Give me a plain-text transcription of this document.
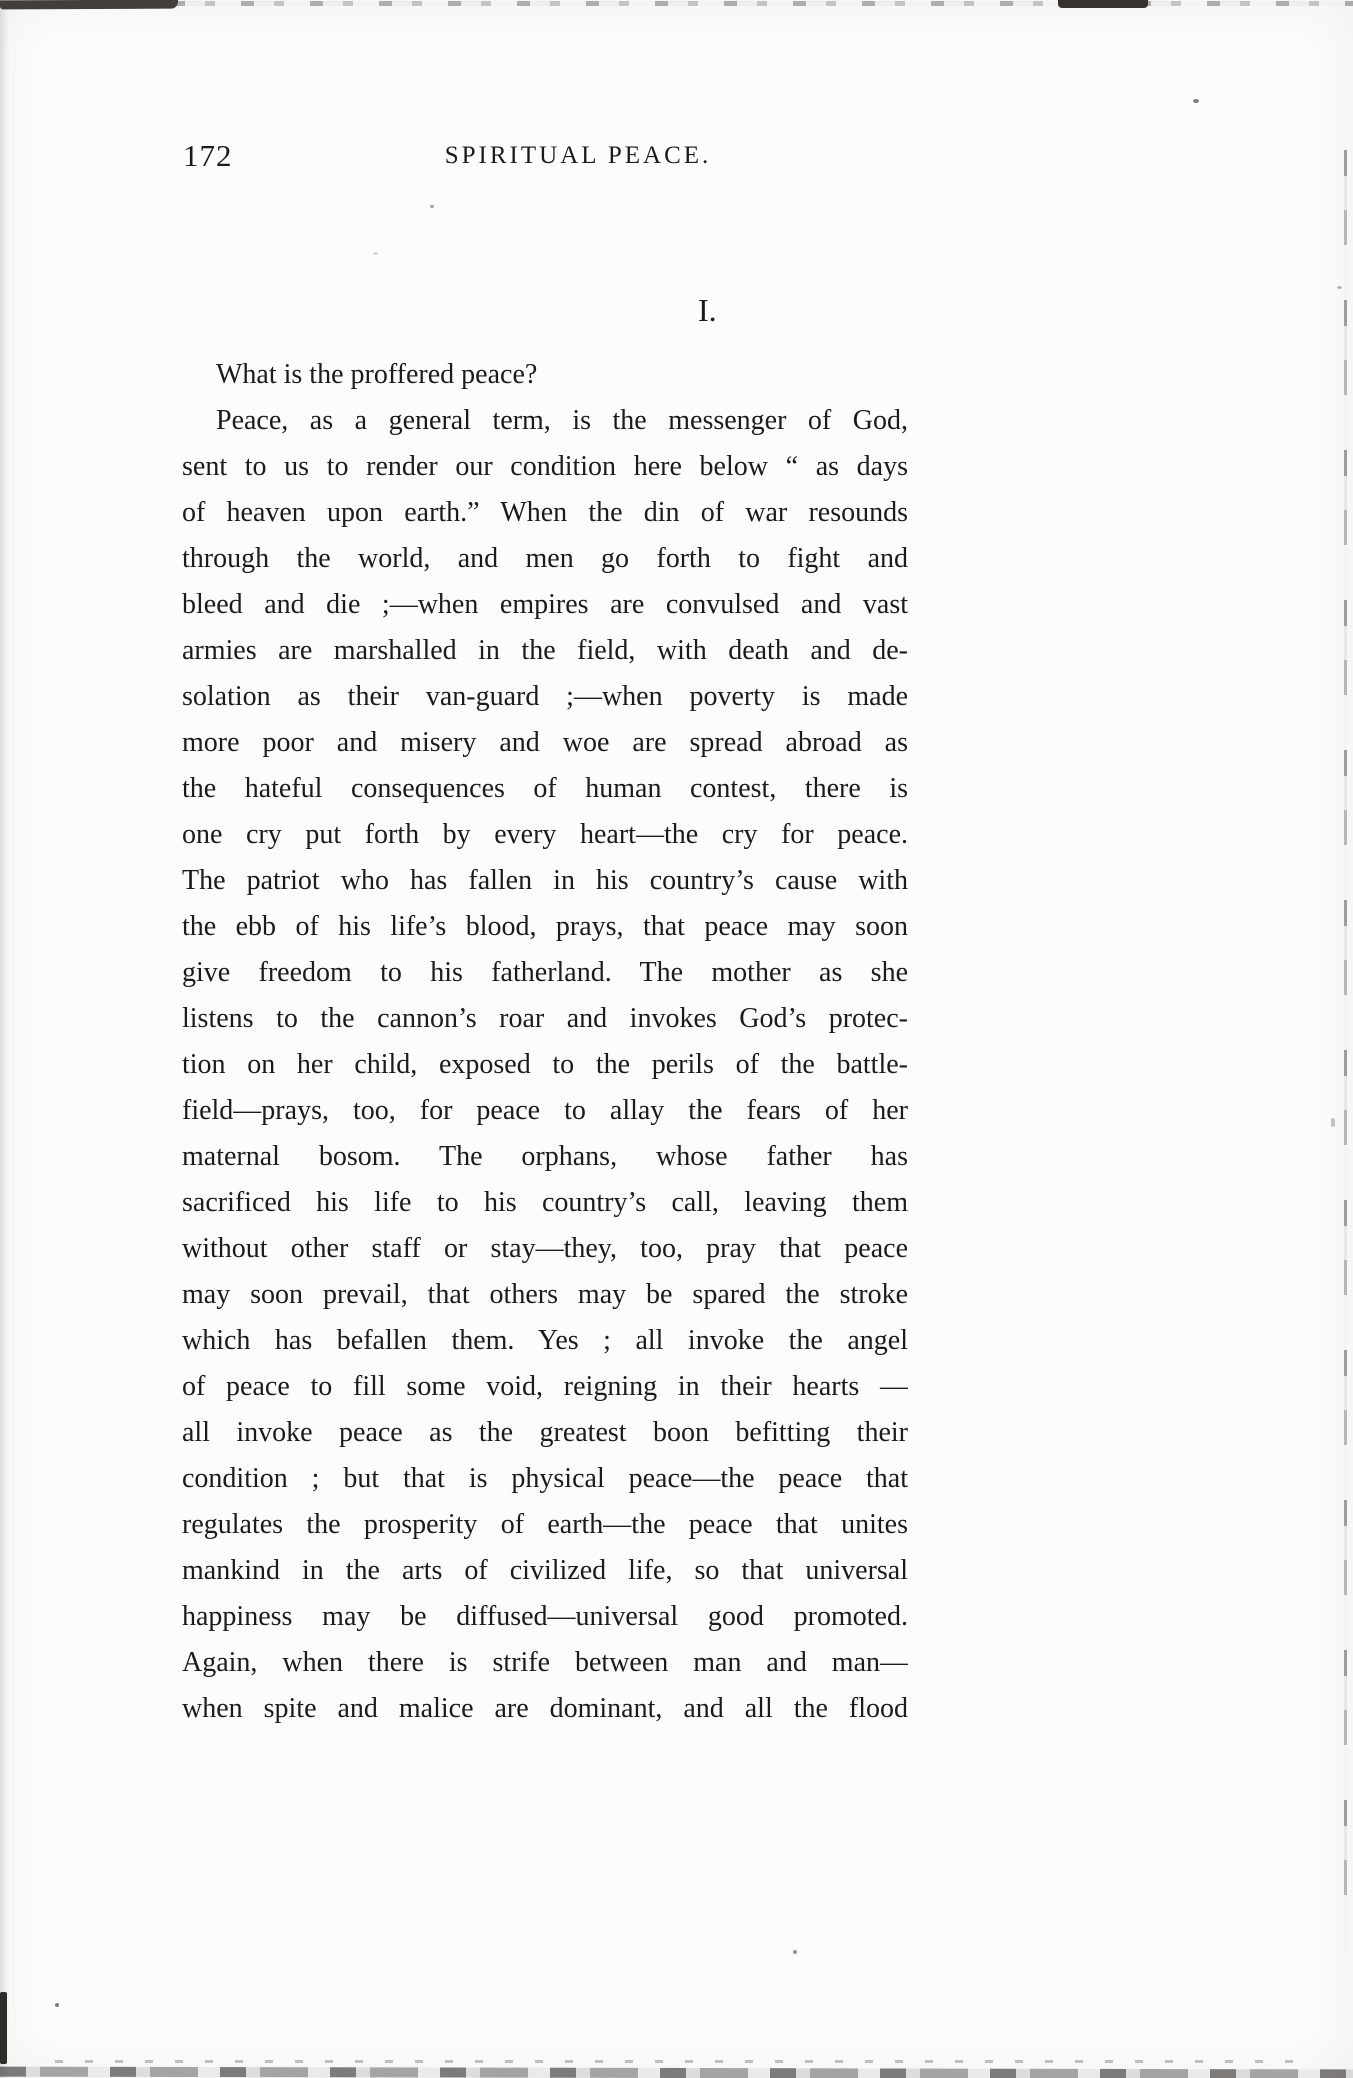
172	SPIRITUAL PEACE.
I.
What is the proffered peace?
Peace, as a general term, is the messenger of God,
sent to us to render our condition here below “ as days
of heaven upon earth.” When the din of war resounds
through the world, and men go forth to fight and
bleed and die ;—when empires are convulsed and vast
armies are marshalled in the field, with death and de-
solation as their van-guard ;—when poverty is made
more poor and misery and woe are spread abroad as
the hateful consequences of human contest, there is
one cry put forth by every heart—the cry for peace.
The patriot who has fallen in his country’s cause with
the ebb of his life’s blood, prays, that peace may soon
give freedom to his fatherland. The mother as she
listens to the cannon’s roar and invokes God’s protec-
tion on her child, exposed to the perils of the battle-
field—prays, too, for peace to allay the fears of her
maternal bosom. The orphans, whose father has
sacrificed his life to his country’s call, leaving them
without other staff or stay—they, too, pray that peace
may soon prevail, that others may be spared the stroke
which has befallen them. Yes ; all invoke the angel
of peace to fill some void, reigning in their hearts —
all invoke peace as the greatest boon befitting their
condition ; but that is physical peace—the peace that
regulates the prosperity of earth—the peace that unites
mankind in the arts of civilized life, so that universal
happiness may be diffused—universal good promoted.
Again, when there is strife between man and man—
when spite and malice are dominant, and all the flood
